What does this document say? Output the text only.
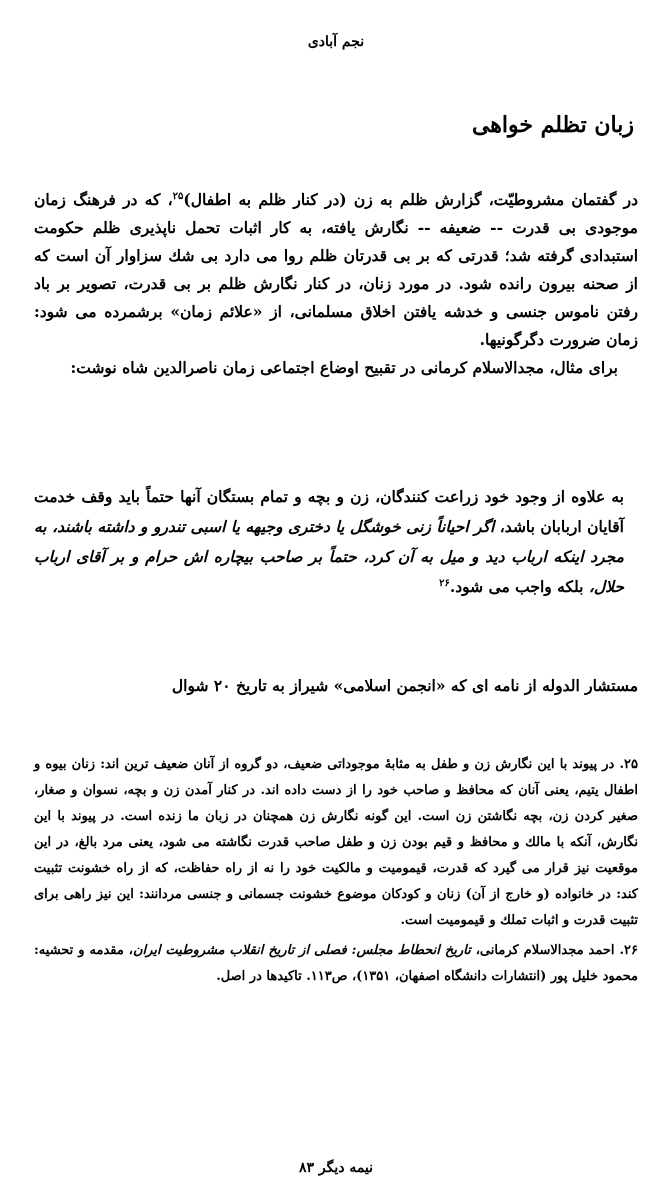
نجم آبادی
زبان تظلم خواهی

در گفتمان مشروطیّت، گزارش ظلم به زن (در کنار ظلم به اطفال)$^{۲۵}$، که در فرهنگ زمان موجودی بی قدرت -- ضعیفه -- نگارش یافته، به کار اثبات تحمل ناپذیری ظلم حکومت استبدادی گرفته شد؛ قدرتی که بر بی قدرتان ظلم روا می دارد بی شك سزاوار آن است که از صحنه بیرون رانده شود. در مورد زنان، در کنار نگارش ظلم بر بی قدرت، تصویر بر باد رفتن ناموس جنسی و خدشه یافتن اخلاق مسلمانی، از «علائم زمان» برشمرده می شود: زمان ضرورت دگرگونیها.

برای مثال، مجدالاسلام کرمانی در تقبیح اوضاع اجتماعی زمان ناصرالدین شاه نوشت:

به علاوه از وجود خود زراعت کنندگان، زن و بچه و تمام بستگان آنها حتماً باید وقف خدمت آقایان اربابان باشد، اگر احیاناً زنی خوشگل یا دختری وجیهه یا اسبی تندرو و داشته باشند، به مجرد اینکه ارباب دید و میل به آن کرد، حتماً بر صاحب بیچاره اش حرام و بر آقای ارباب حلال، بلکه واجب می شود.$^{۲۶}$

مستشار الدوله از نامه ای که «انجمن اسلامی» شیراز به تاریخ ۲۰ شوال

۲۵. در پیوند با این نگارش زن و طفل به مثابهٔ موجوداتی ضعیف، دو گروه از آنان ضعیف ترین اند: زنان بیوه و اطفال یتیم، یعنی آنان که محافظ و صاحب خود را از دست داده اند. در کنار آمدن زن و بچه، نسوان و صغار، صغیر کردن زن، بچه نگاشتن زن است. این گونه نگارش زن همچنان در زبان ما زنده است. در پیوند با این نگارش، آنکه با مالك و محافظ و قیم بودن زن و طفل صاحب قدرت نگاشته می شود، یعنی مرد بالغ، در این موقعیت نیز قرار می گیرد که قدرت، قیمومیت و مالکیت خود را نه از راه حفاظت، که از راه خشونت تثبیت کند: در خانواده (و خارج از آن) زنان و کودکان موضوع خشونت جسمانی و جنسی مردانند: این نیز راهی برای تثبیت قدرت و اثبات تملك و قیمومیت است.

۲۶. احمد مجدالاسلام کرمانی، تاریخ انحطاط مجلس: فصلی از تاریخ انقلاب مشروطیت ایران، مقدمه و تحشیه: محمود خلیل پور (انتشارات دانشگاه اصفهان، ۱۳۵۱)، ص۱۱۳. تاکیدها در اصل.

نیمه دیگر ۸۳
